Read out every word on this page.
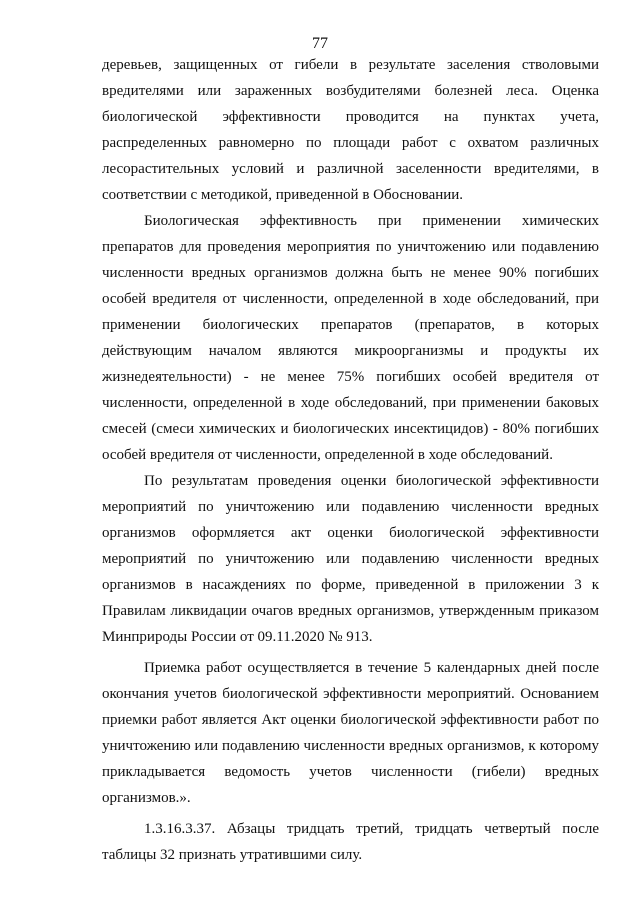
77

деревьев, защищенных от гибели в результате заселения стволовыми вредителями или зараженных возбудителями болезней леса. Оценка биологической эффективности проводится на пунктах учета, распределенных равномерно по площади работ с охватом различных лесорастительных условий и различной заселенности вредителями, в соответствии с методикой, приведенной в Обосновании.

Биологическая эффективность при применении химических препаратов для проведения мероприятия по уничтожению или подавлению численности вредных организмов должна быть не менее 90% погибших особей вредителя от численности, определенной в ходе обследований, при применении биологических препаратов (препаратов, в которых действующим началом являются микроорганизмы и продукты их жизнедеятельности) - не менее 75% погибших особей вредителя от численности, определенной в ходе обследований, при применении баковых смесей (смеси химических и биологических инсектицидов) - 80% погибших особей вредителя от численности, определенной в ходе обследований.

По результатам проведения оценки биологической эффективности мероприятий по уничтожению или подавлению численности вредных организмов оформляется акт оценки биологической эффективности мероприятий по уничтожению или подавлению численности вредных организмов в насаждениях по форме, приведенной в приложении 3 к Правилам ликвидации очагов вредных организмов, утвержденным приказом Минприроды России от 09.11.2020 № 913.

Приемка работ осуществляется в течение 5 календарных дней после окончания учетов биологической эффективности мероприятий. Основанием приемки работ является Акт оценки биологической эффективности работ по уничтожению или подавлению численности вредных организмов, к которому прикладывается ведомость учетов численности (гибели) вредных организмов.».

1.3.16.3.37. Абзацы тридцать третий, тридцать четвертый после таблицы 32 признать утратившими силу.
